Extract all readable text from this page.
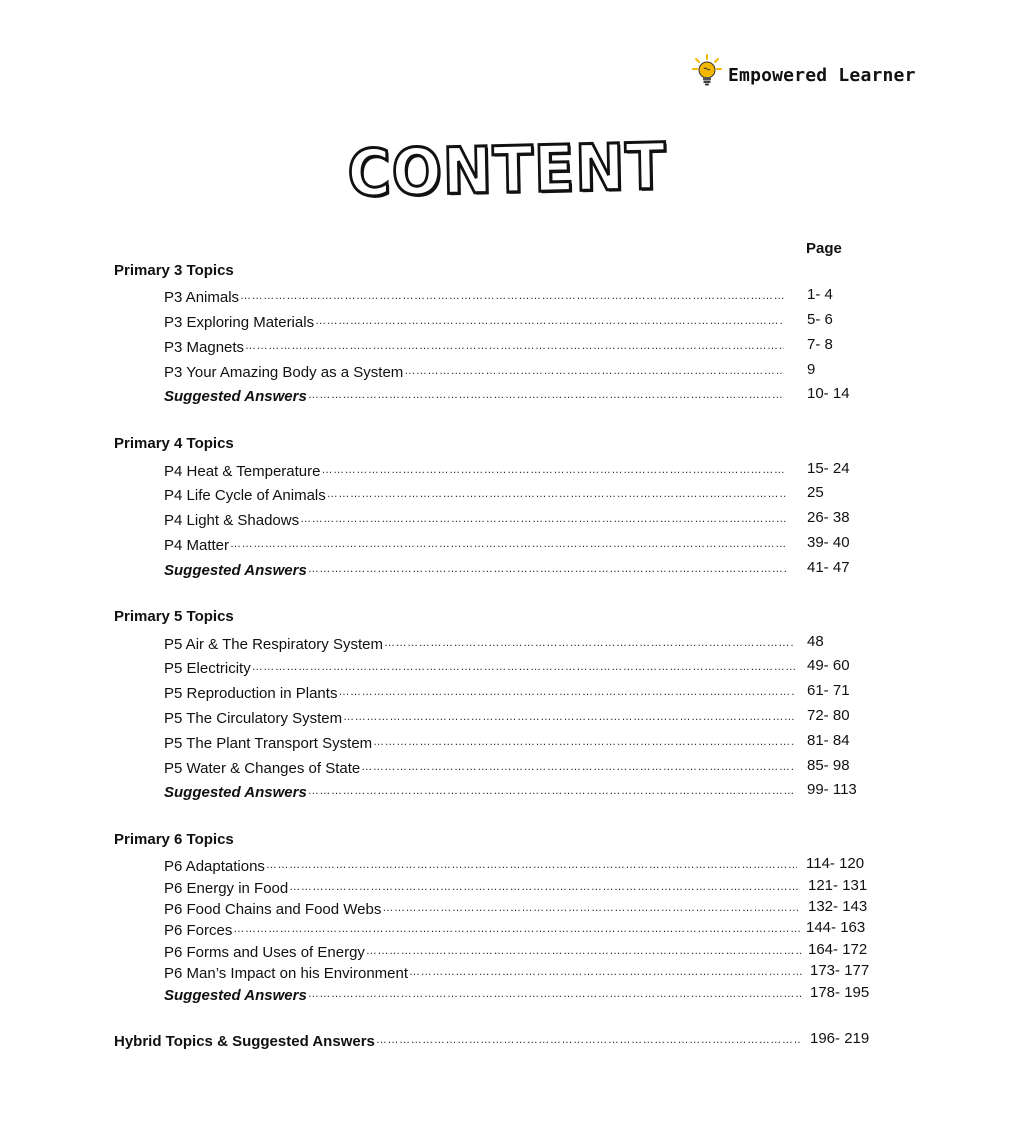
Empowered Learner
CONTENT
Page
Primary 3 Topics
P3 Animals ………………………………………………………………………………………………………………………………………………………………………………………………………………………………	1- 4
P3 Exploring Materials ………………………………………………………………………………………………………………………………………………………………………………………………………………………………	5- 6
P3 Magnets ………………………………………………………………………………………………………………………………………………………………………………………………………………………………	7- 8
P3 Your Amazing Body as a System ………………………………………………………………………………………………………………………………………………………………………………………………………………………………	9
Suggested Answers ………………………………………………………………………………………………………………………………………………………………………………………………………………………………	10- 14
Primary 4 Topics
P4 Heat & Temperature ………………………………………………………………………………………………………………………………………………………………………………………………………………………………	15- 24
P4 Life Cycle of Animals ………………………………………………………………………………………………………………………………………………………………………………………………………………………………	25
P4 Light & Shadows ………………………………………………………………………………………………………………………………………………………………………………………………………………………………	26- 38
P4 Matter ………………………………………………………………………………………………………………………………………………………………………………………………………………………………	39- 40
Suggested Answers ………………………………………………………………………………………………………………………………………………………………………………………………………………………………	41- 47
Primary 5 Topics
P5 Air & The Respiratory System ………………………………………………………………………………………………………………………………………………………………………………………………………………………………	48
P5 Electricity ………………………………………………………………………………………………………………………………………………………………………………………………………………………………	49- 60
P5 Reproduction in Plants ………………………………………………………………………………………………………………………………………………………………………………………………………………………………	61- 71
P5 The Circulatory System ………………………………………………………………………………………………………………………………………………………………………………………………………………………………	72- 80
P5 The Plant Transport System ………………………………………………………………………………………………………………………………………………………………………………………………………………………………	81- 84
P5 Water & Changes of State ………………………………………………………………………………………………………………………………………………………………………………………………………………………………	85- 98
Suggested Answers ………………………………………………………………………………………………………………………………………………………………………………………………………………………………	99- 113
Primary 6 Topics
P6 Adaptations ………………………………………………………………………………………………………………………………………………………………………………………………………………………………	114- 120
P6 Energy in Food ………………………………………………………………………………………………………………………………………………………………………………………………………………………………	121- 131
P6 Food Chains and Food Webs ………………………………………………………………………………………………………………………………………………………………………………………………………………………………	132- 143
P6 Forces ………………………………………………………………………………………………………………………………………………………………………………………………………………………………	144- 163
P6 Forms and Uses of Energy ………………………………………………………………………………………………………………………………………………………………………………………………………………………………	164- 172
P6 Man’s Impact on his Environment ………………………………………………………………………………………………………………………………………………………………………………………………………………………………	173- 177
Suggested Answers ………………………………………………………………………………………………………………………………………………………………………………………………………………………………	178- 195
Hybrid Topics & Suggested Answers ………………………………………………………………………………………………………………………………………………………………………………………………………………	196- 219
